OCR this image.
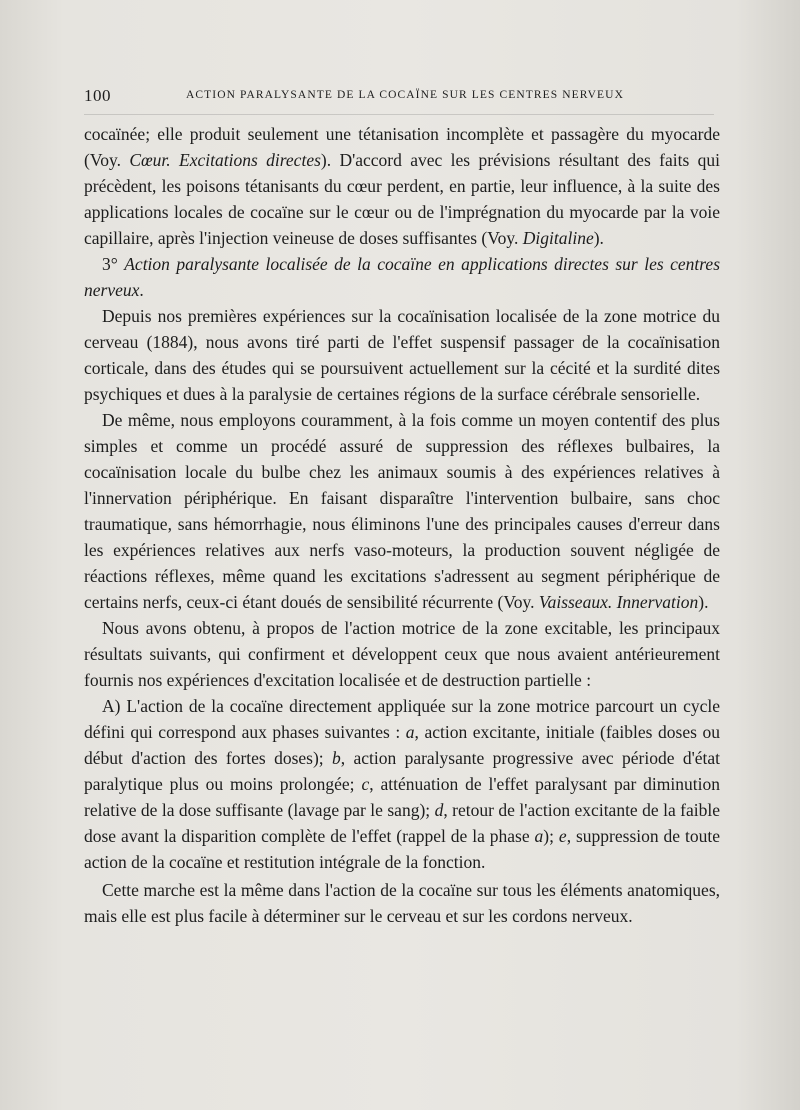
100	ACTION PARALYSANTE DE LA COCAÏNE SUR LES CENTRES NERVEUX

cocaïnée; elle produit seulement une tétanisation incomplète et passagère du myocarde (Voy. Cœur. Excitations directes). D'accord avec les prévisions résultant des faits qui précèdent, les poisons tétanisants du cœur perdent, en partie, leur influence, à la suite des applications locales de cocaïne sur le cœur ou de l'imprégnation du myocarde par la voie capillaire, après l'injection veineuse de doses suffisantes (Voy. Digitaline).

3° Action paralysante localisée de la cocaïne en applications directes sur les centres nerveux.

Depuis nos premières expériences sur la cocaïnisation localisée de la zone motrice du cerveau (1884), nous avons tiré parti de l'effet suspensif passager de la cocaïnisation corticale, dans des études qui se poursuivent actuellement sur la cécité et la surdité dites psychiques et dues à la paralysie de certaines régions de la surface cérébrale sensorielle.

De même, nous employons couramment, à la fois comme un moyen contentif des plus simples et comme un procédé assuré de suppression des réflexes bulbaires, la cocaïnisation locale du bulbe chez les animaux soumis à des expériences relatives à l'innervation périphérique. En faisant disparaître l'intervention bulbaire, sans choc traumatique, sans hémorrhagie, nous éliminons l'une des principales causes d'erreur dans les expériences relatives aux nerfs vaso-moteurs, la production souvent négligée de réactions réflexes, même quand les excitations s'adressent au segment périphérique de certains nerfs, ceux-ci étant doués de sensibilité récurrente (Voy. Vaisseaux. Innervation).

Nous avons obtenu, à propos de l'action motrice de la zone excitable, les principaux résultats suivants, qui confirment et développent ceux que nous avaient antérieurement fournis nos expériences d'excitation localisée et de destruction partielle :

A) L'action de la cocaïne directement appliquée sur la zone motrice parcourt un cycle défini qui correspond aux phases suivantes : a, action excitante, initiale (faibles doses ou début d'action des fortes doses); b, action paralysante progressive avec période d'état paralytique plus ou moins prolongée; c, atténuation de l'effet paralysant par diminution relative de la dose suffisante (lavage par le sang); d, retour de l'action excitante de la faible dose avant la disparition complète de l'effet (rappel de la phase a); e, suppression de toute action de la cocaïne et restitution intégrale de la fonction.

Cette marche est la même dans l'action de la cocaïne sur tous les éléments anatomiques, mais elle est plus facile à déterminer sur le cerveau et sur les cordons nerveux.
